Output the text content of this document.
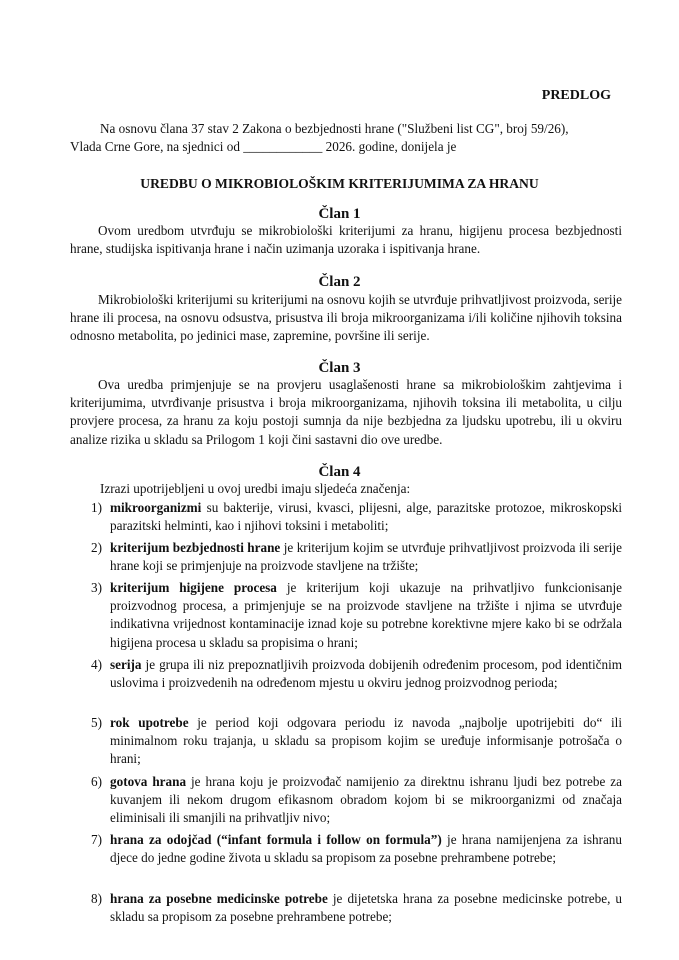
PREDLOG

Na osnovu člana 37 stav 2 Zakona o bezbjednosti hrane ("Službeni list CG", broj 59/26),

Vlada Crne Gore, na sjednici od ____________ 2026. godine, donijela je

UREDBU O MIKROBIOLOŠKIM KRITERIJUMIMA ZA HRANU

Član 1

Ovom uredbom utvrđuju se mikrobiološki kriterijumi za hranu, higijenu procesa bezbjednosti hrane, studijska ispitivanja hrane i način uzimanja uzoraka i ispitivanja hrane.

Član 2

Mikrobiološki kriterijumi su kriterijumi na osnovu kojih se utvrđuje prihvatljivost proizvoda, serije hrane ili procesa, na osnovu odsustva, prisustva ili broja mikroorganizama i/ili količine njihovih toksina odnosno metabolita, po jedinici mase, zapremine, površine ili serije.

Član 3

Ova uredba primjenjuje se na provjeru usaglašenosti hrane sa mikrobiološkim zahtjevima i kriterijumima, utvrđivanje prisustva i broja mikroorganizama, njihovih toksina ili metabolita, u cilju provjere procesa, za hranu za koju postoji sumnja da nije bezbjedna za ljudsku upotrebu, ili u okviru analize rizika u skladu sa Prilogom 1 koji čini sastavni dio ove uredbe.

Član 4

Izrazi upotrijebljeni u ovoj uredbi imaju sljedeća značenja:

1) mikroorganizmi su bakterije, virusi, kvasci, plijesni, alge, parazitske protozoe, mikroskopski parazitski helminti, kao i njihovi toksini i metaboliti;
2) kriterijum bezbjednosti hrane je kriterijum kojim se utvrđuje prihvatljivost proizvoda ili serije hrane koji se primjenjuje na proizvode stavljene na tržište;
3) kriterijum higijene procesa je kriterijum koji ukazuje na prihvatljivo funkcionisanje proizvodnog procesa, a primjenjuje se na proizvode stavljene na tržište i njima se utvrđuje indikativna vrijednost kontaminacije iznad koje su potrebne korektivne mjere kako bi se održala higijena procesa u skladu sa propisima o hrani;
4) serija je grupa ili niz prepoznatljivih proizvoda dobijenih određenim procesom, pod identičnim uslovima i proizvedenih na određenom mjestu u okviru jednog proizvodnog perioda;
5) rok upotrebe je period koji odgovara periodu iz navoda „najbolje upotrijebiti do“ ili minimalnom roku trajanja, u skladu sa propisom kojim se uređuje informisanje potrošača o hrani;
6) gotova hrana je hrana koju je proizvođač namijenio za direktnu ishranu ljudi bez potrebe za kuvanjem ili nekom drugom efikasnom obradom kojom bi se mikroorganizmi od značaja eliminisali ili smanjili na prihvatljiv nivo;
7) hrana za odojčad (“infant formula i follow on formula”) je hrana namijenjena za ishranu djece do jedne godine života u skladu sa propisom za posebne prehrambene potrebe;
8) hrana za posebne medicinske potrebe je dijetetska hrana za posebne medicinske potrebe, u skladu sa propisom za posebne prehrambene potrebe;
